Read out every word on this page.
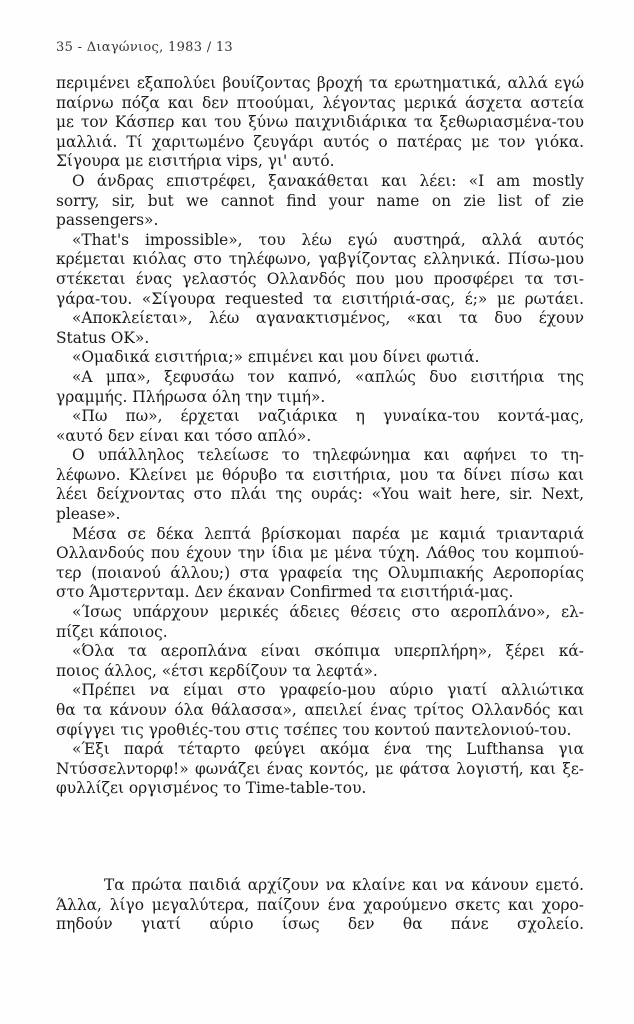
35 - Διαγώνιος, 1983 / 13
περιμένει εξαπολύει βουίζοντας βροχή τα ερωτηματικά, αλλά εγώ
παίρνω πόζα και δεν πτοούμαι, λέγοντας μερικά άσχετα αστεία
με τον Κάσπερ και του ξύνω παιχνιδιάρικα τα ξεθωριασμένα-του
μαλλιά. Τί χαριτωμένο ζευγάρι αυτός ο πατέρας με τον γιόκα.
Σίγουρα με εισιτήρια vips, γι' αυτό.
Ο άνδρας επιστρέφει, ξανακάθεται και λέει: «I am mostly
sorry, sir, but we cannot find your name on zie list of zie
passengers».
«That's impossible», του λέω εγώ αυστηρά, αλλά αυτός
κρέμεται κιόλας στο τηλέφωνο, γαβγίζοντας ελληνικά. Πίσω-μου
στέκεται ένας γελαστός Ολλανδός που μου προσφέρει τα τσι-
γάρα-του. «Σίγουρα requested τα εισιτήριά-σας, έ;» με ρωτάει.
«Αποκλείεται», λέω αγανακτισμένος, «και τα δυο έχουν
Status OK».
«Ομαδικά εισιτήρια;» επιμένει και μου δίνει φωτιά.
«Α μπα», ξεφυσάω τον καπνό, «απλώς δυο εισιτήρια της
γραμμής. Πλήρωσα όλη την τιμή».
«Πω πω», έρχεται ναζιάρικα η γυναίκα-του κοντά-μας,
«αυτό δεν είναι και τόσο απλό».
Ο υπάλληλος τελείωσε το τηλεφώνημα και αφήνει το τη-
λέφωνο. Κλείνει με θόρυβο τα εισιτήρια, μου τα δίνει πίσω και
λέει δείχνοντας στο πλάι της ουράς: «You wait here, sir. Next,
please».
Μέσα σε δέκα λεπτά βρίσκομαι παρέα με καμιά τριανταριά
Ολλανδούς που έχουν την ίδια με μένα τύχη. Λάθος του κομπιού-
τερ (ποιανού άλλου;) στα γραφεία της Ολυμπιακής Αεροπορίας
στο Άμστερνταμ. Δεν έκαναν Confirmed τα εισιτήριά-μας.
«Ίσως υπάρχουν μερικές άδειες θέσεις στο αεροπλάνο», ελ-
πίζει κάποιος.
«Όλα τα αεροπλάνα είναι σκόπιμα υπερπλήρη», ξέρει κά-
ποιος άλλος, «έτσι κερδίζουν τα λεφτά».
«Πρέπει να είμαι στο γραφείο-μου αύριο γιατί αλλιώτικα
θα τα κάνουν όλα θάλασσα», απειλεί ένας τρίτος Ολλανδός και
σφίγγει τις γροθιές-του στις τσέπες του κοντού παντελονιού-του.
«Έξι παρά τέταρτο φεύγει ακόμα ένα της Lufthansa για
Ντύσσελντορφ!» φωνάζει ένας κοντός, με φάτσα λογιστή, και ξε-
φυλλίζει οργισμένος το Time-table-του.
Τα πρώτα παιδιά αρχίζουν να κλαίνε και να κάνουν εμετό.
Άλλα, λίγο μεγαλύτερα, παίζουν ένα χαρούμενο σκετς και χορο-
πηδούν γιατί αύριο ίσως δεν θα πάνε σχολείο.
